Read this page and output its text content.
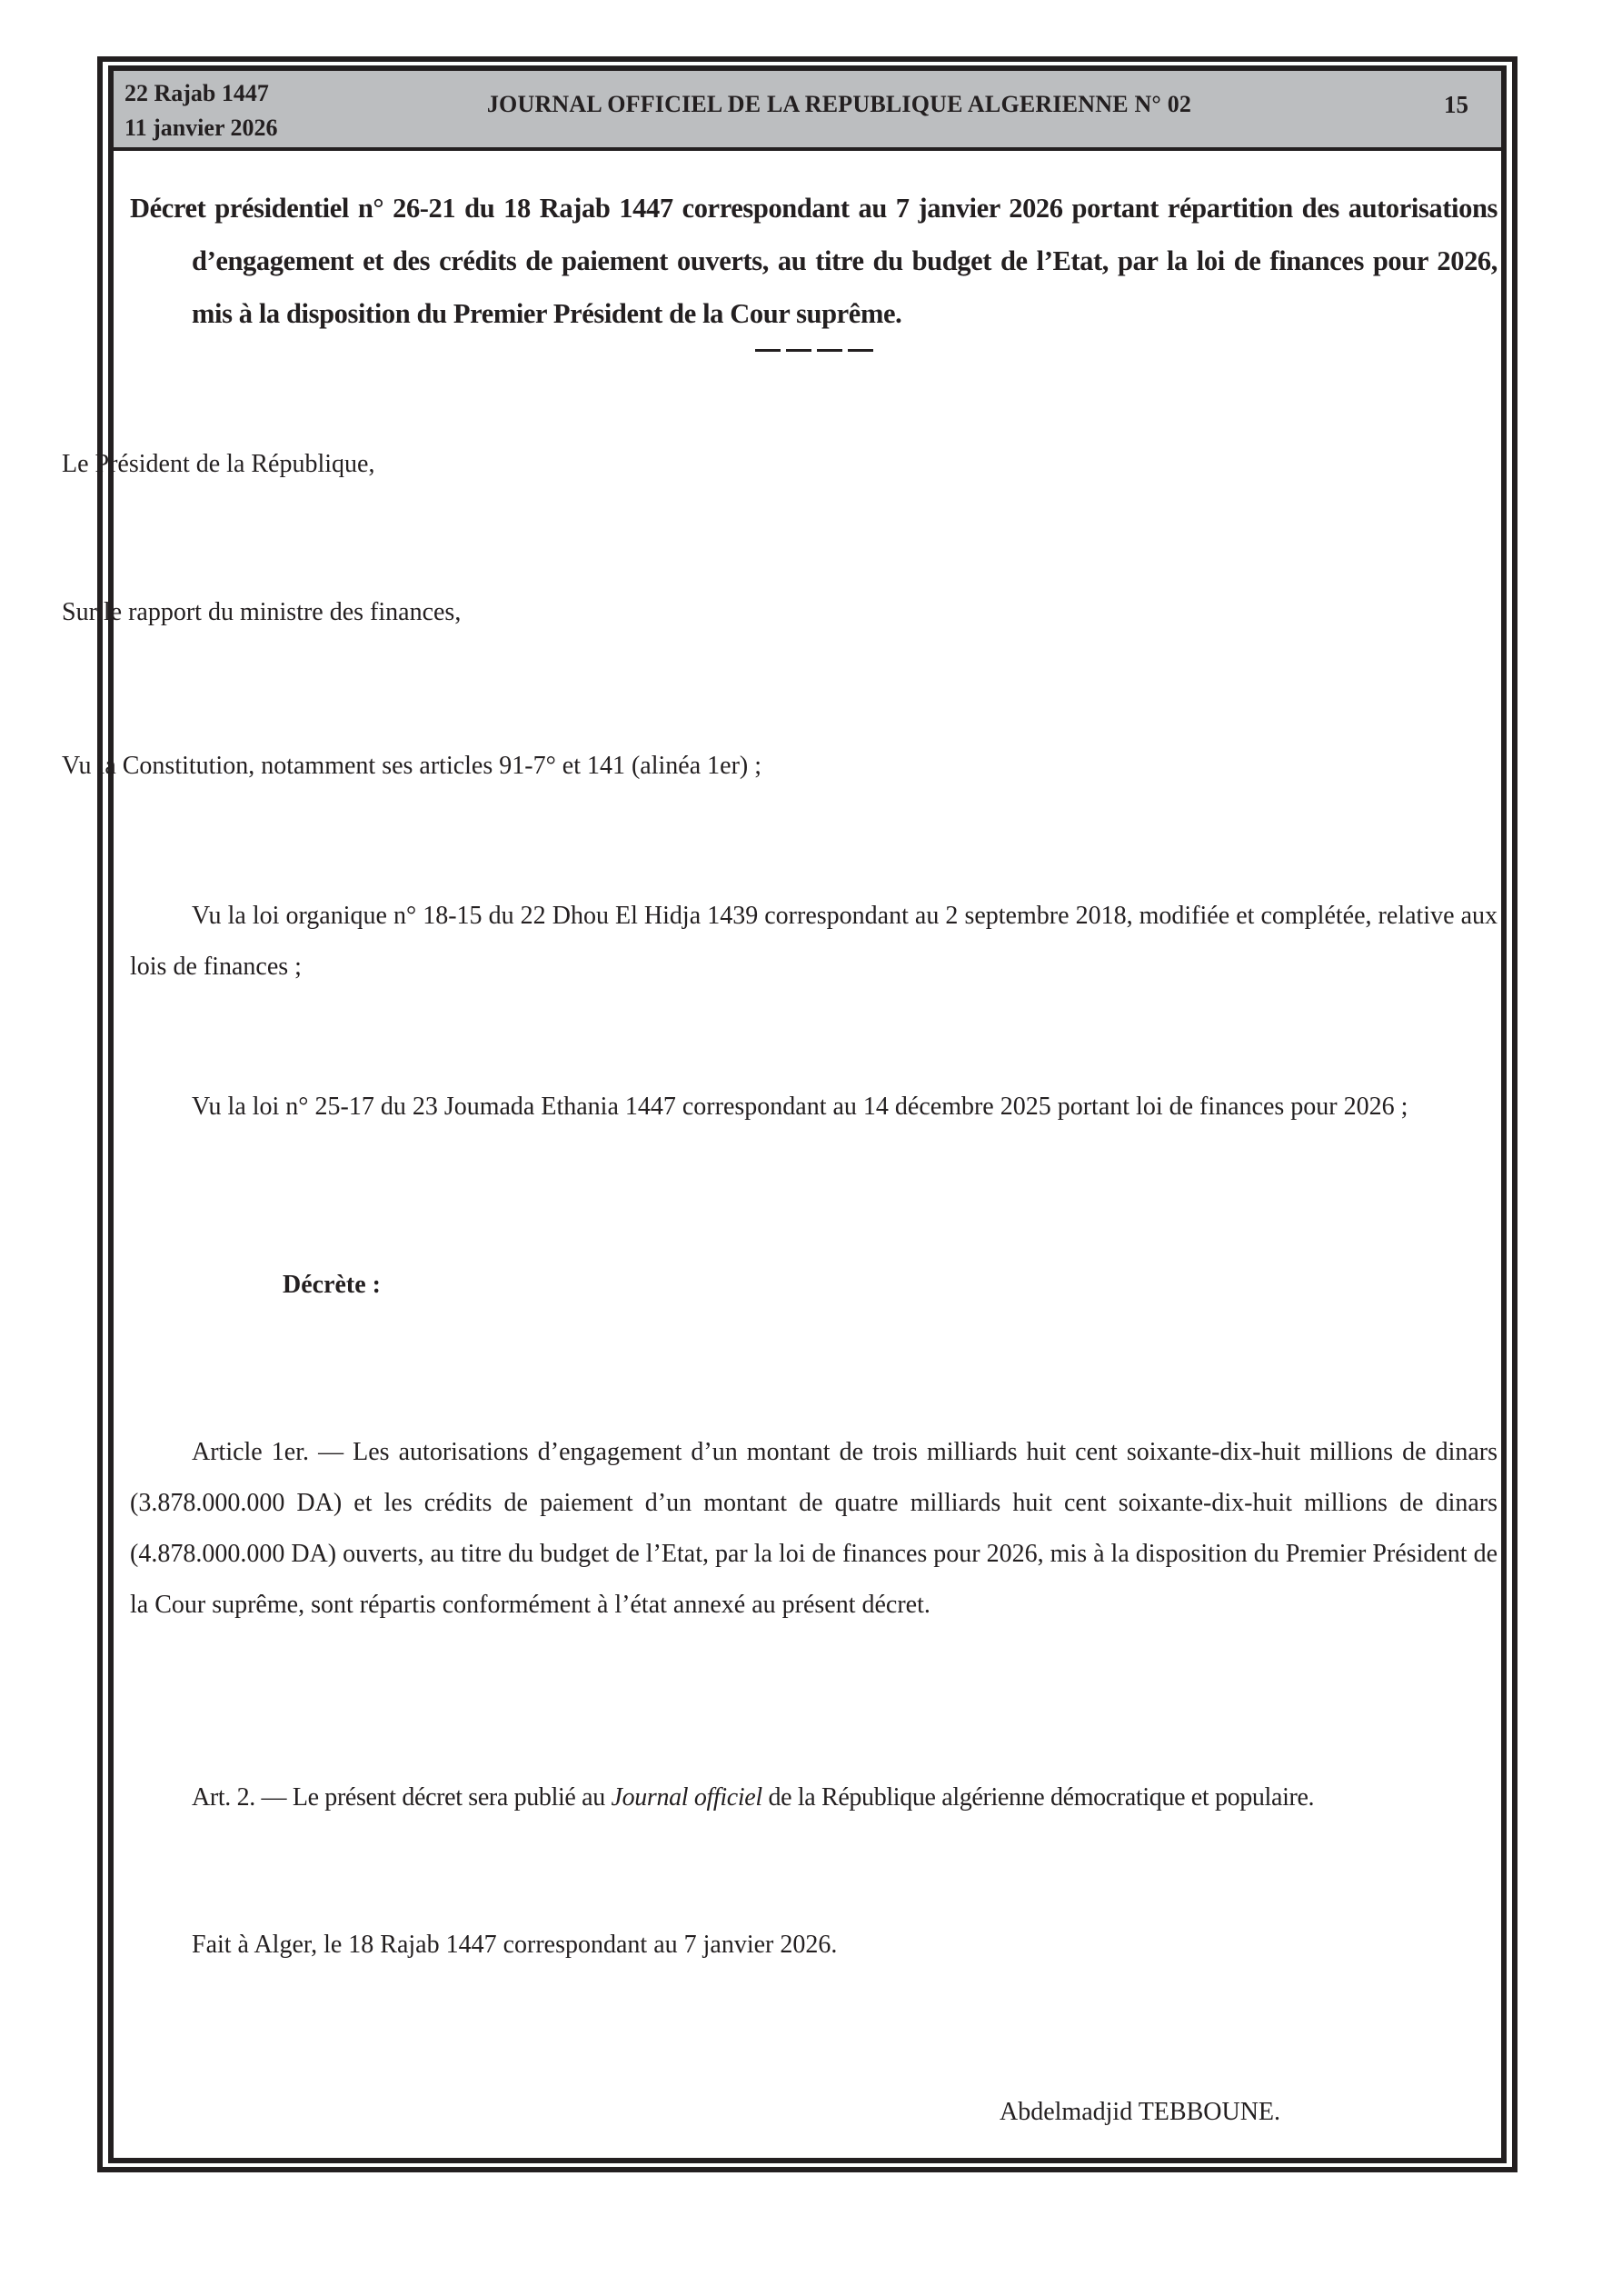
22 Rajab 1447
11 janvier 2026
JOURNAL OFFICIEL DE LA REPUBLIQUE ALGERIENNE N° 02	15

Décret présidentiel n° 26-21 du 18 Rajab 1447 correspondant au 7 janvier 2026 portant répartition des autorisations d’engagement et des crédits de paiement ouverts, au titre du budget de l’Etat, par la loi de finances pour 2026, mis à la disposition du Premier Président de la Cour suprême.

Le Président de la République,

Sur le rapport du ministre des finances,

Vu la Constitution, notamment ses articles 91-7° et 141 (alinéa 1er) ;

Vu la loi organique n° 18-15 du 22 Dhou El Hidja 1439 correspondant au 2 septembre 2018, modifiée et complétée, relative aux lois de finances ;

Vu la loi n° 25-17 du 23 Joumada Ethania 1447 correspondant au 14 décembre 2025 portant loi de finances pour 2026 ;

Décrète :

Article 1er. — Les autorisations d’engagement d’un montant de trois milliards huit cent soixante-dix-huit millions de dinars (3.878.000.000 DA) et les crédits de paiement d’un montant de quatre milliards huit cent soixante-dix-huit millions de dinars (4.878.000.000 DA) ouverts, au titre du budget de l’Etat, par la loi de finances pour 2026, mis à la disposition du Premier Président de la Cour suprême, sont répartis conformément à l’état annexé au présent décret.

Art. 2. — Le présent décret sera publié au Journal officiel de la République algérienne démocratique et populaire.

Fait à Alger, le 18 Rajab 1447 correspondant au 7 janvier 2026.

Abdelmadjid TEBBOUNE.
